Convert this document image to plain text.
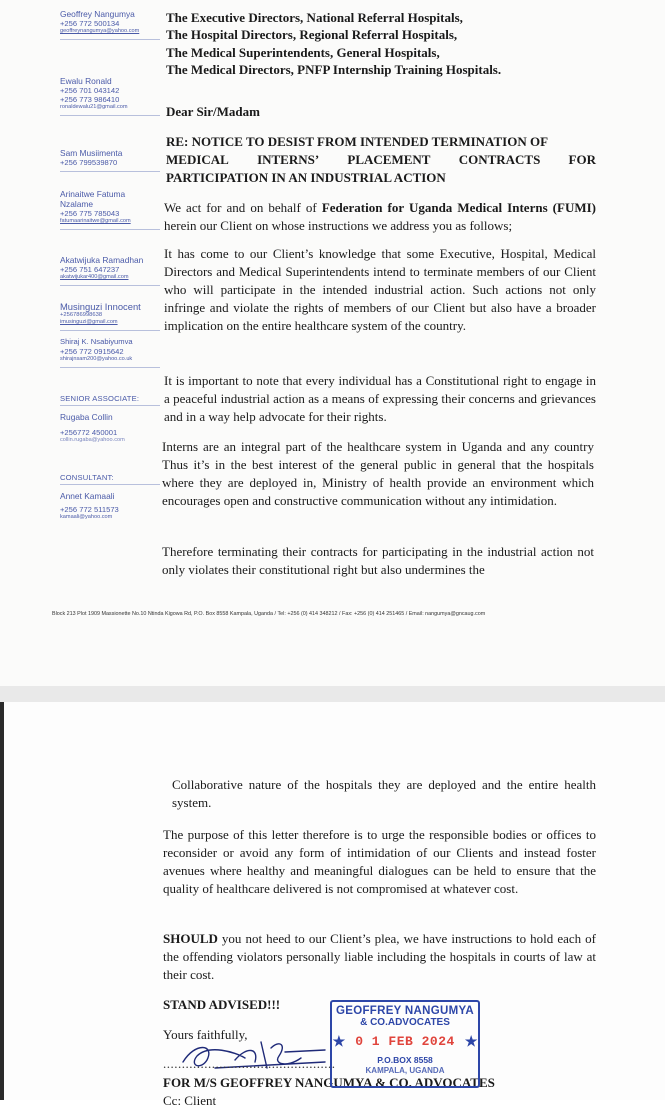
Geoffrey Nangumya
+256 772 500134
geoffreynangumya@yahoo.com
Ewalu Ronald
+256 701 043142
+256 773 986410
ronaldewalu21@gmail.com
Sam Musiimenta
+256 799539870
Arinaitwe Fatuma
Nzalame
+256 775 785043
fatumaarinaitwe@gmail.com
Akatwijuka Ramadhan
+256 751 647237
akatwijukar400@gmail.com
Musinguzi Innocent
+256786998638
imusinguzi@gmail.com
Shiraj K. Nsabiyumva
+256 772 0915642
shirajnsam200@yahoo.co.uk
SENIOR ASSOCIATE:
Rugaba Collin
+256772 450001
collin.rugaba@yahoo.com
CONSULTANT:
Annet Kamaali
+256 772 511573
kamaali@yahoo.com
The Executive Directors, National Referral Hospitals,
The Hospital Directors, Regional Referral Hospitals,
The Medical Superintendents, General Hospitals,
The Medical Directors, PNFP Internship Training Hospitals.
Dear Sir/Madam
RE: NOTICE TO DESIST FROM INTENDED TERMINATION OF
MEDICAL INTERNS’ PLACEMENT CONTRACTS FOR
PARTICIPATION IN AN INDUSTRIAL ACTION
We act for and on behalf of Federation for Uganda Medical Interns (FUMI) herein our Client on whose instructions we address you as follows;
It has come to our Client’s knowledge that some Executive, Hospital, Medical Directors and Medical Superintendents intend to terminate members of our Client who will participate in the intended industrial action. Such actions not only infringe and violate the rights of members of our Client but also have a broader implication on the entire healthcare system of the country.
It is important to note that every individual has a Constitutional right to engage in a peaceful industrial action as a means of expressing their concerns and grievances and in a way help advocate for their rights.
Interns are an integral part of the healthcare system in Uganda and any country Thus it’s in the best interest of the general public in general that the hospitals where they are deployed in, Ministry of health provide an environment which encourages open and constructive communication without any intimidation.
Therefore terminating their contracts for participating in the industrial action not only violates their constitutional right but also undermines the
Block 213 Plot 1909 Massionette No.10 Ntinda Kigowa Rd, P.O. Box 8558 Kampala, Uganda / Tel: +256 (0) 414 348212 / Fax: +256 (0) 414 251465 / Email: nangumya@gncaug.com
Collaborative nature of the hospitals they are deployed and the entire health system.
The purpose of this letter therefore is to urge the responsible bodies or offices to reconsider or avoid any form of intimidation of our Clients and instead foster avenues where healthy and meaningful dialogues can be held to ensure that the quality of healthcare delivered is not compromised at whatever cost.
SHOULD you not heed to our Client’s plea, we have instructions to hold each of the offending violators personally liable including the hospitals in courts of law at their cost.
STAND ADVISED!!!
Yours faithfully,
..............................................
FOR M/S GEOFFREY NANGUMYA & CO. ADVOCATES
Cc: Client
GEOFFREY NANGUMYA
& CO.ADVOCATES
★ 0 1 FEB 2024 ★
P.O.BOX 8558
KAMPALA, UGANDA
